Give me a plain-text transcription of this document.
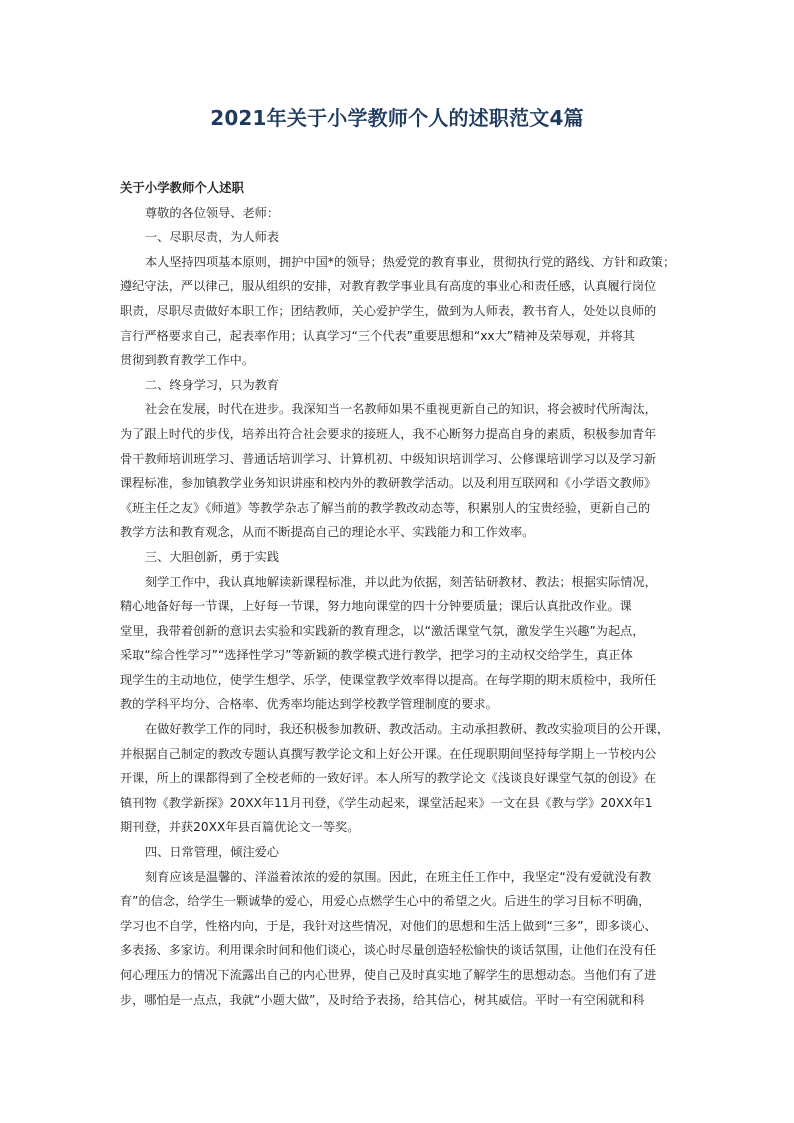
2021年关于小学教师个人的述职范文4篇
关于小学教师个人述职
尊敬的各位领导、老师：
一、尽职尽责，为人师表
本人坚持四项基本原则，拥护中国*的领导；热爱党的教育事业，贯彻执行党的路线、方针和政策；
遵纪守法，严以律己，服从组织的安排，对教育教学事业具有高度的事业心和责任感，认真履行岗位
职责，尽职尽责做好本职工作；团结教师，关心爱护学生，做到为人师表，教书育人，处处以良师的
言行严格要求自己，起表率作用；认真学习“三个代表”重要思想和“xx大”精神及荣辱观，并将其
贯彻到教育教学工作中。
二、终身学习，只为教育
社会在发展，时代在进步。我深知当一名教师如果不重视更新自己的知识，将会被时代所淘汰，
为了跟上时代的步伐，培养出符合社会要求的接班人，我不心断努力提高自身的素质，积极参加青年
骨干教师培训班学习、普通话培训学习、计算机初、中级知识培训学习、公修课培训学习以及学习新
课程标准，参加镇教学业务知识讲座和校内外的教研教学活动。以及利用互联网和《小学语文教师》
《班主任之友》《师道》等教学杂志了解当前的教学教改动态等，积累别人的宝贵经验，更新自己的
教学方法和教育观念，从而不断提高自己的理论水平、实践能力和工作效率。
三、大胆创新，勇于实践
刻学工作中，我认真地解读新课程标准，并以此为依据，刻苦钻研教材、教法；根据实际情况，
精心地备好每一节课，上好每一节课，努力地向课堂的四十分钟要质量；课后认真批改作业。课
堂里，我带着创新的意识去实验和实践新的教育理念，以“激活课堂气氛，激发学生兴趣”为起点，
采取“综合性学习”“选择性学习”等新颖的教学模式进行教学，把学习的主动权交给学生，真正体
现学生的主动地位，使学生想学、乐学，使课堂教学效率得以提高。在每学期的期末质检中，我所任
教的学科平均分、合格率、优秀率均能达到学校教学管理制度的要求。
在做好教学工作的同时，我还积极参加教研、教改活动。主动承担教研、教改实验项目的公开课，
并根据自己制定的教改专题认真撰写教学论文和上好公开课。在任现职期间坚持每学期上一节校内公
开课，所上的课都得到了全校老师的一致好评。本人所写的教学论文《浅谈良好课堂气氛的创设》在
镇刊物《教学新探》20XX年11月刊登，《学生动起来，课堂活起来》一文在县《教与学》20XX年1
期刊登，并获20XX年县百篇优论文一等奖。
四、日常管理，倾注爱心
刻育应该是温馨的、洋溢着浓浓的爱的氛围。因此，在班主任工作中，我坚定“没有爱就没有教
育”的信念，给学生一颗诚挚的爱心，用爱心点燃学生心中的希望之火。后进生的学习目标不明确，
学习也不自学，性格内向，于是，我针对这些情况，对他们的思想和生活上做到“三多”，即多谈心、
多表扬、多家访。利用课余时间和他们谈心，谈心时尽量创造轻松愉快的谈话氛围，让他们在没有任
何心理压力的情况下流露出自己的内心世界，使自己及时真实地了解学生的思想动态。当他们有了进
步，哪怕是一点点，我就“小题大做”，及时给予表扬，给其信心，树其威信。平时一有空闲就和科
